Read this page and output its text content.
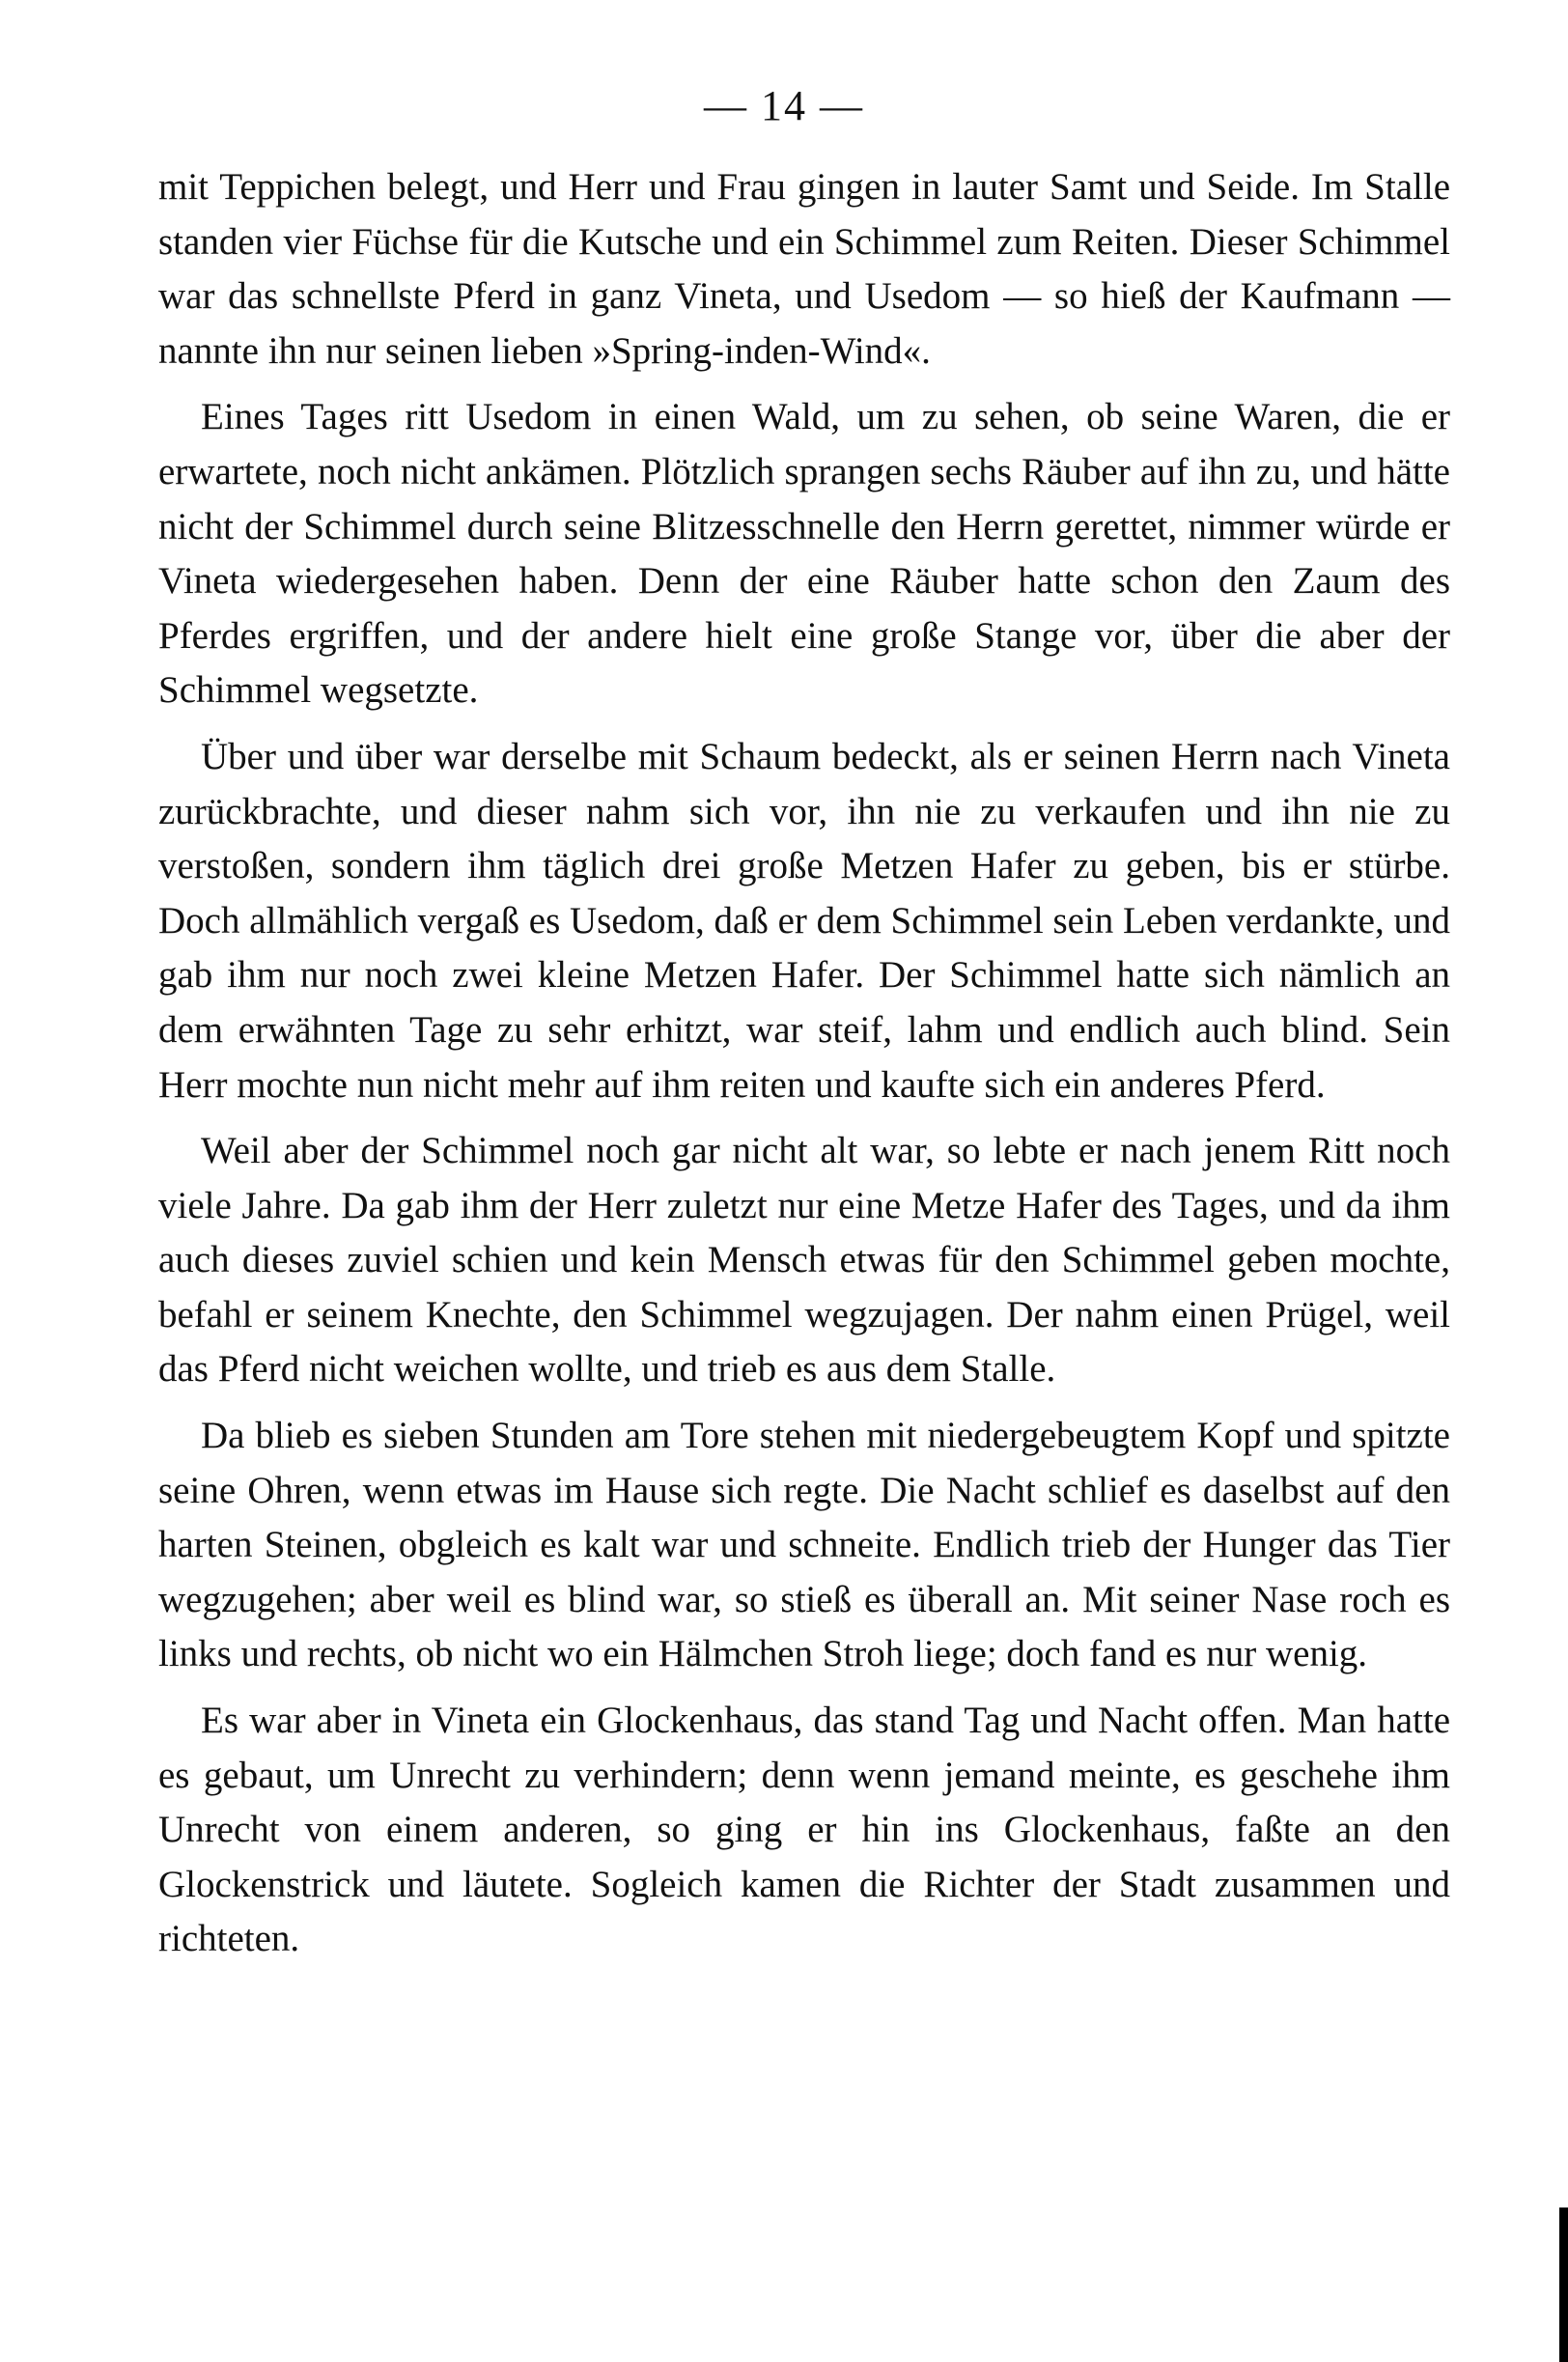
— 14 —

mit Teppichen belegt, und Herr und Frau gingen in lauter Samt und Seide. Im Stalle standen vier Füchse für die Kutsche und ein Schimmel zum Reiten. Dieser Schimmel war das schnellste Pferd in ganz Vineta, und Usedom — so hieß der Kaufmann — nannte ihn nur seinen lieben »Spring-inden-Wind«.

Eines Tages ritt Usedom in einen Wald, um zu sehen, ob seine Waren, die er erwartete, noch nicht ankämen. Plötzlich sprangen sechs Räuber auf ihn zu, und hätte nicht der Schimmel durch seine Blitzesschnelle den Herrn gerettet, nimmer würde er Vineta wiedergesehen haben. Denn der eine Räuber hatte schon den Zaum des Pferdes ergriffen, und der andere hielt eine große Stange vor, über die aber der Schimmel wegsetzte.

Über und über war derselbe mit Schaum bedeckt, als er seinen Herrn nach Vineta zurückbrachte, und dieser nahm sich vor, ihn nie zu verkaufen und ihn nie zu verstoßen, sondern ihm täglich drei große Metzen Hafer zu geben, bis er stürbe. Doch allmählich vergaß es Usedom, daß er dem Schimmel sein Leben verdankte, und gab ihm nur noch zwei kleine Metzen Hafer. Der Schimmel hatte sich nämlich an dem erwähnten Tage zu sehr erhitzt, war steif, lahm und endlich auch blind. Sein Herr mochte nun nicht mehr auf ihm reiten und kaufte sich ein anderes Pferd.

Weil aber der Schimmel noch gar nicht alt war, so lebte er nach jenem Ritt noch viele Jahre. Da gab ihm der Herr zuletzt nur eine Metze Hafer des Tages, und da ihm auch dieses zuviel schien und kein Mensch etwas für den Schimmel geben mochte, befahl er seinem Knechte, den Schimmel wegzujagen. Der nahm einen Prügel, weil das Pferd nicht weichen wollte, und trieb es aus dem Stalle.

Da blieb es sieben Stunden am Tore stehen mit niedergebeugtem Kopf und spitzte seine Ohren, wenn etwas im Hause sich regte. Die Nacht schlief es daselbst auf den harten Steinen, obgleich es kalt war und schneite. Endlich trieb der Hunger das Tier wegzugehen; aber weil es blind war, so stieß es überall an. Mit seiner Nase roch es links und rechts, ob nicht wo ein Hälmchen Stroh liege; doch fand es nur wenig.

Es war aber in Vineta ein Glockenhaus, das stand Tag und Nacht offen. Man hatte es gebaut, um Unrecht zu verhindern; denn wenn jemand meinte, es geschehe ihm Unrecht von einem anderen, so ging er hin ins Glockenhaus, faßte an den Glockenstrick und läutete. Sogleich kamen die Richter der Stadt zusammen und richteten.
